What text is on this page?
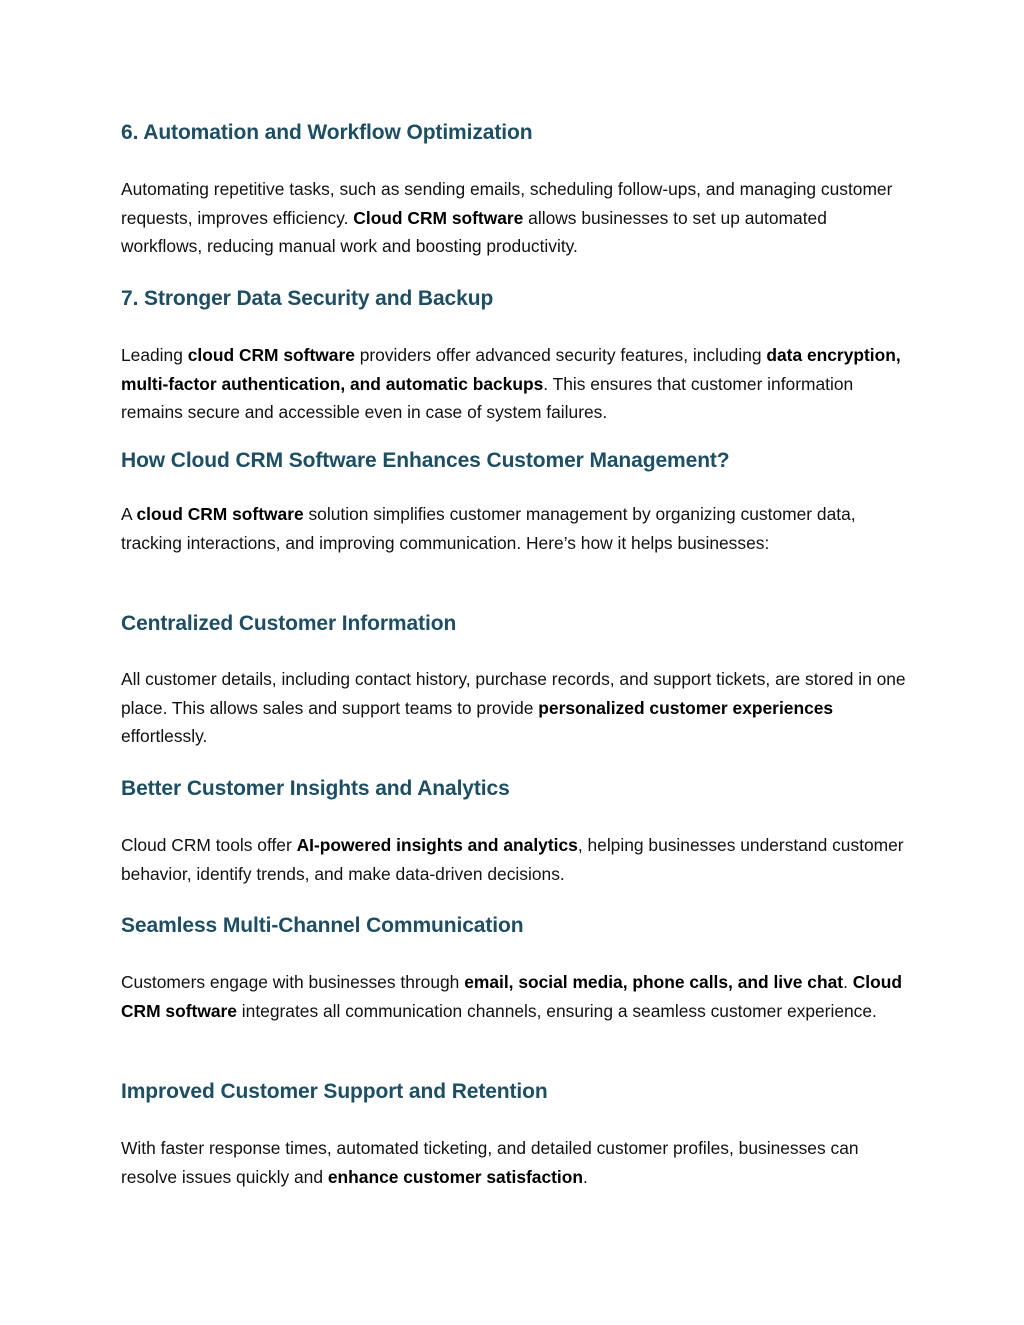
6. Automation and Workflow Optimization

Automating repetitive tasks, such as sending emails, scheduling follow-ups, and managing customer requests, improves efficiency. Cloud CRM software allows businesses to set up automated workflows, reducing manual work and boosting productivity.

7. Stronger Data Security and Backup

Leading cloud CRM software providers offer advanced security features, including data encryption, multi-factor authentication, and automatic backups. This ensures that customer information remains secure and accessible even in case of system failures.

How Cloud CRM Software Enhances Customer Management?

A cloud CRM software solution simplifies customer management by organizing customer data, tracking interactions, and improving communication. Here’s how it helps businesses:

Centralized Customer Information

All customer details, including contact history, purchase records, and support tickets, are stored in one place. This allows sales and support teams to provide personalized customer experiences effortlessly.

Better Customer Insights and Analytics

Cloud CRM tools offer AI-powered insights and analytics, helping businesses understand customer behavior, identify trends, and make data-driven decisions.

Seamless Multi-Channel Communication

Customers engage with businesses through email, social media, phone calls, and live chat. Cloud CRM software integrates all communication channels, ensuring a seamless customer experience.

Improved Customer Support and Retention

With faster response times, automated ticketing, and detailed customer profiles, businesses can resolve issues quickly and enhance customer satisfaction.
